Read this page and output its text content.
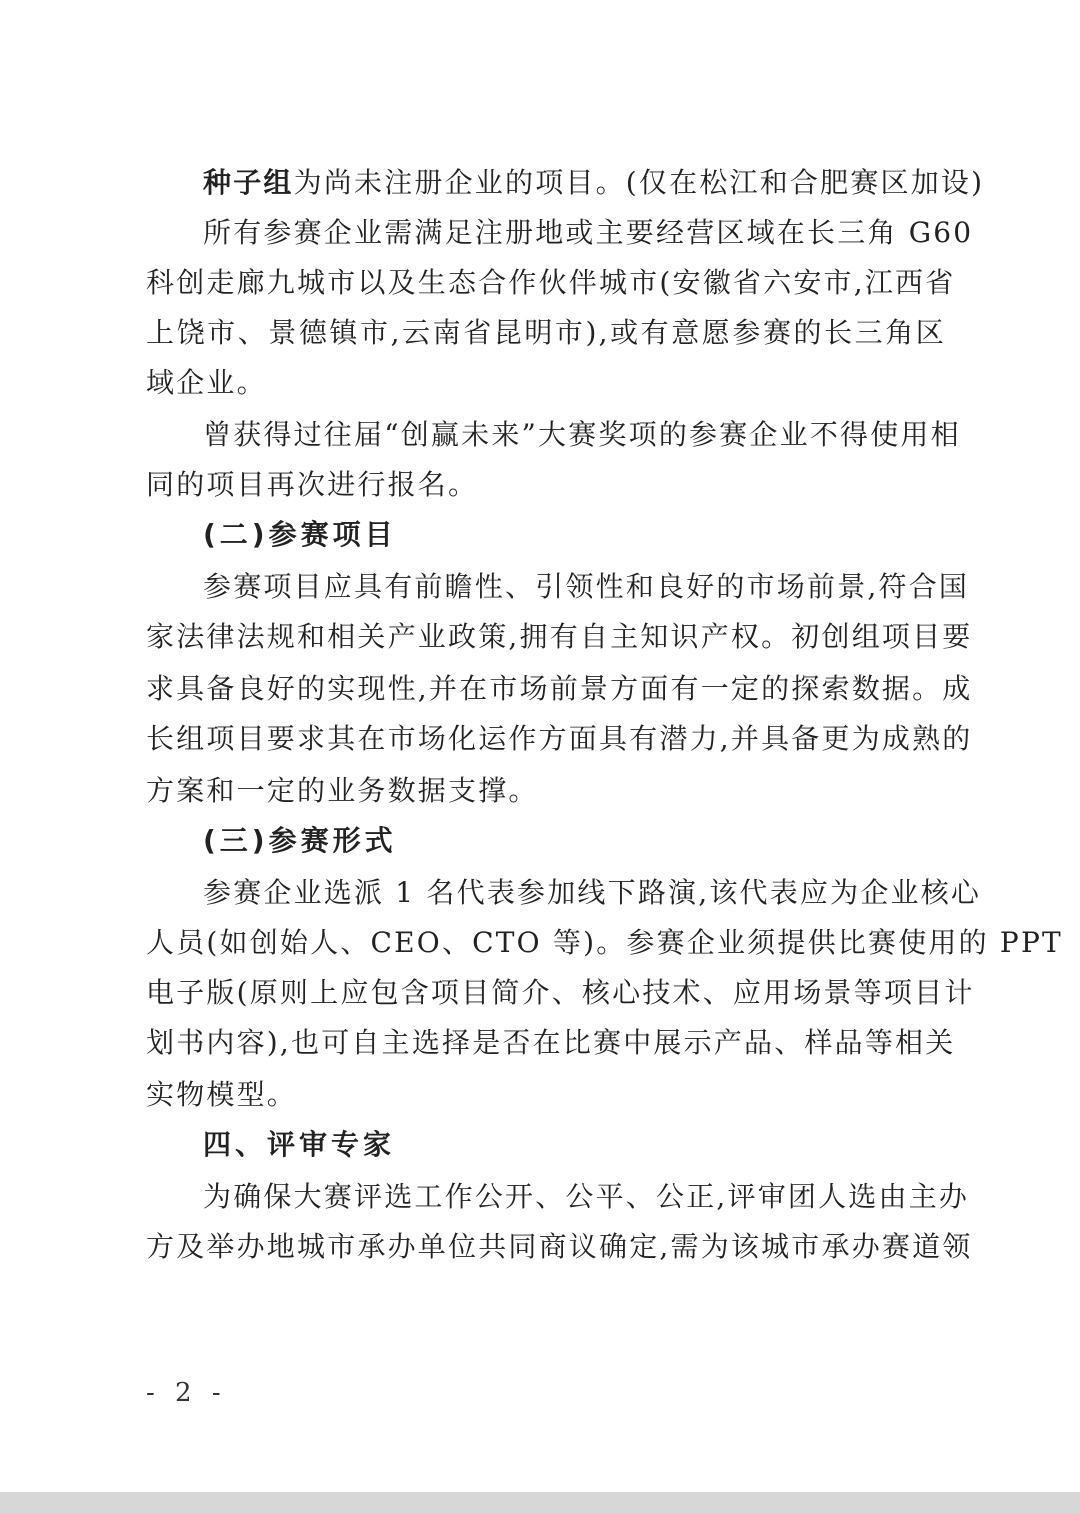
种子组为尚未注册企业的项目。(仅在松江和合肥赛区加设)
所有参赛企业需满足注册地或主要经营区域在长三角 G60
科创走廊九城市以及生态合作伙伴城市(安徽省六安市,江西省
上饶市、景德镇市,云南省昆明市),或有意愿参赛的长三角区
域企业。
曾获得过往届“创赢未来”大赛奖项的参赛企业不得使用相
同的项目再次进行报名。
(二)参赛项目
参赛项目应具有前瞻性、引领性和良好的市场前景,符合国
家法律法规和相关产业政策,拥有自主知识产权。初创组项目要
求具备良好的实现性,并在市场前景方面有一定的探索数据。成
长组项目要求其在市场化运作方面具有潜力,并具备更为成熟的
方案和一定的业务数据支撑。
(三)参赛形式
参赛企业选派 1 名代表参加线下路演,该代表应为企业核心
人员(如创始人、CEO、CTO 等)。参赛企业须提供比赛使用的 PPT
电子版(原则上应包含项目简介、核心技术、应用场景等项目计
划书内容),也可自主选择是否在比赛中展示产品、样品等相关
实物模型。
四、评审专家
为确保大赛评选工作公开、公平、公正,评审团人选由主办
方及举办地城市承办单位共同商议确定,需为该城市承办赛道领
- 2 -
